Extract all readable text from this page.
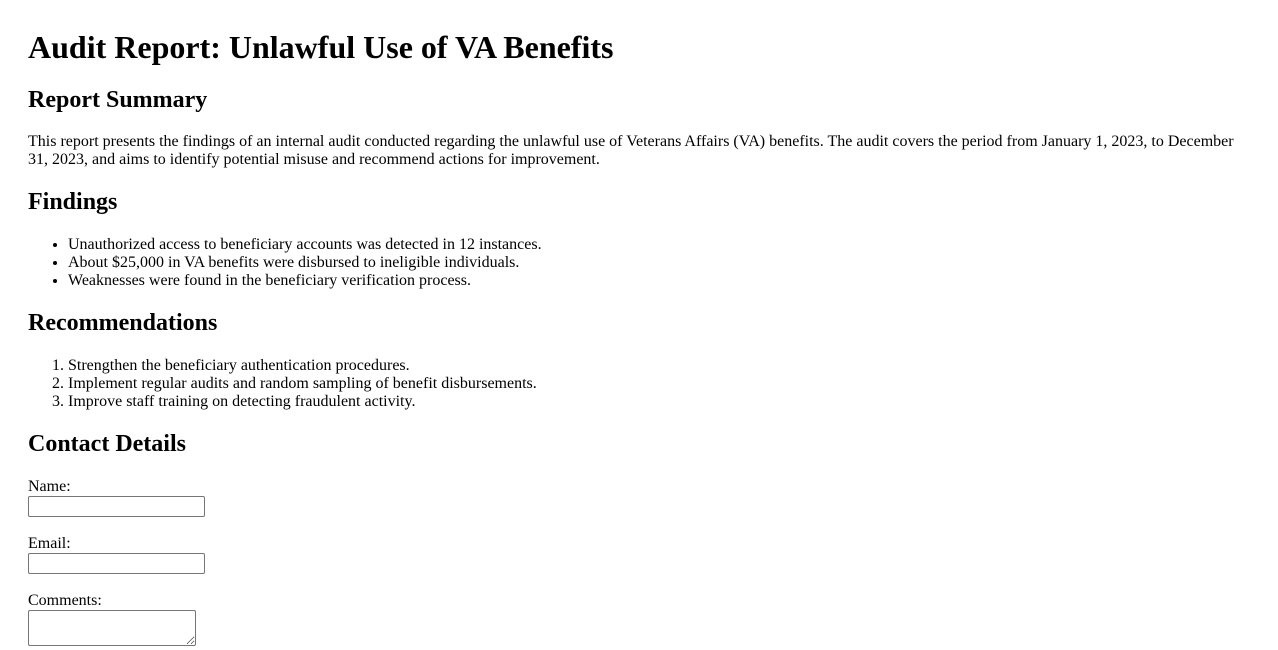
Audit Report: Unlawful Use of VA Benefits
Report Summary

This report presents the findings of an internal audit conducted regarding the unlawful use of Veterans Affairs (VA) benefits. The audit covers the period from January 1, 2023, to December 31, 2023, and aims to identify potential misuse and recommend actions for improvement.

Findings
• Unauthorized access to beneficiary accounts was detected in 12 instances.
• About $25,000 in VA benefits were disbursed to ineligible individuals.
• Weaknesses were found in the beneficiary verification process.
Recommendations
1. Strengthen the beneficiary authentication procedures.
2. Implement regular audits and random sampling of benefit disbursements.
3. Improve staff training on detecting fraudulent activity.
Contact Details
Name:
Email:
Comments:
